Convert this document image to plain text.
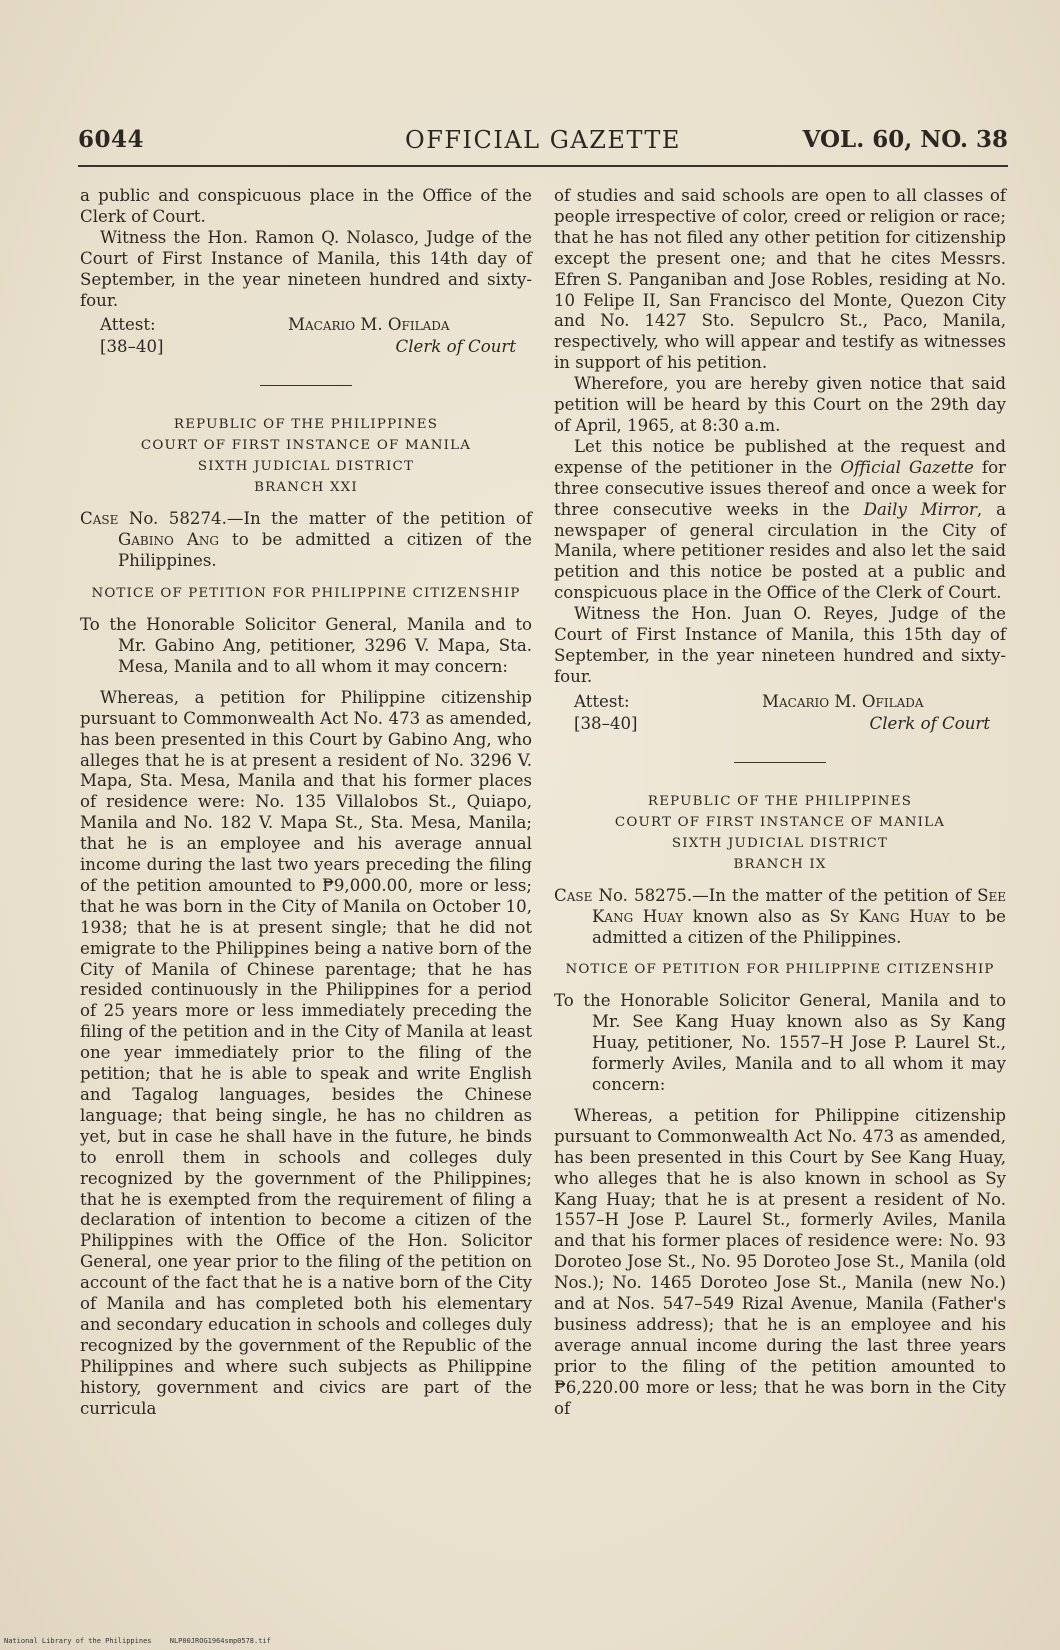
OFFICIAL GAZETTE
6044	VOL. 60, NO. 38

a public and conspicuous place in the Office of the Clerk of Court.

Witness the Hon. Ramon Q. Nolasco, Judge of the Court of First Instance of Manila, this 14th day of September, in the year nineteen hundred and sixty-four.

Attest:
[38–40]
Macario M. Ofilada
Clerk of Court
REPUBLIC OF THE PHILIPPINES
COURT OF FIRST INSTANCE OF MANILA
SIXTH JUDICIAL DISTRICT
BRANCH XXI

Case No. 58274.—In the matter of the petition of Gabino Ang to be admitted a citizen of the Philippines.

NOTICE OF PETITION FOR PHILIPPINE CITIZENSHIP

To the Honorable Solicitor General, Manila and to Mr. Gabino Ang, petitioner, 3296 V. Mapa, Sta. Mesa, Manila and to all whom it may concern:

Whereas, a petition for Philippine citizenship pursuant to Commonwealth Act No. 473 as amended, has been presented in this Court by Gabino Ang, who alleges that he is at present a resident of No. 3296 V. Mapa, Sta. Mesa, Manila and that his former places of residence were: No. 135 Villalobos St., Quiapo, Manila and No. 182 V. Mapa St., Sta. Mesa, Manila; that he is an employee and his average annual income during the last two years preceding the filing of the petition amounted to ₱9,000.00, more or less; that he was born in the City of Manila on October 10, 1938; that he is at present single; that he did not emigrate to the Philippines being a native born of the City of Manila of Chinese parentage; that he has resided continuously in the Philippines for a period of 25 years more or less immediately preceding the filing of the petition and in the City of Manila at least one year immediately prior to the filing of the petition; that he is able to speak and write English and Tagalog languages, besides the Chinese language; that being single, he has no children as yet, but in case he shall have in the future, he binds to enroll them in schools and colleges duly recognized by the government of the Philippines; that he is exempted from the requirement of filing a declaration of intention to become a citizen of the Philippines with the Office of the Hon. Solicitor General, one year prior to the filing of the petition on account of the fact that he is a native born of the City of Manila and has completed both his elementary and secondary education in schools and colleges duly recognized by the government of the Republic of the Philippines and where such subjects as Philippine history, government and civics are part of the curricula

of studies and said schools are open to all classes of people irrespective of color, creed or religion or race; that he has not filed any other petition for citizenship except the present one; and that he cites Messrs. Efren S. Panganiban and Jose Robles, residing at No. 10 Felipe II, San Francisco del Monte, Quezon City and No. 1427 Sto. Sepulcro St., Paco, Manila, respectively, who will appear and testify as witnesses in support of his petition.

Wherefore, you are hereby given notice that said petition will be heard by this Court on the 29th day of April, 1965, at 8:30 a.m.

Let this notice be published at the request and expense of the petitioner in the Official Gazette for three consecutive issues thereof and once a week for three consecutive weeks in the Daily Mirror, a newspaper of general circulation in the City of Manila, where petitioner resides and also let the said petition and this notice be posted at a public and conspicuous place in the Office of the Clerk of Court.

Witness the Hon. Juan O. Reyes, Judge of the Court of First Instance of Manila, this 15th day of September, in the year nineteen hundred and sixty-four.

Attest:
[38–40]
Macario M. Ofilada
Clerk of Court
REPUBLIC OF THE PHILIPPINES
COURT OF FIRST INSTANCE OF MANILA
SIXTH JUDICIAL DISTRICT
BRANCH IX

Case No. 58275.—In the matter of the petition of See Kang Huay known also as Sy Kang Huay to be admitted a citizen of the Philippines.

NOTICE OF PETITION FOR PHILIPPINE CITIZENSHIP

To the Honorable Solicitor General, Manila and to Mr. See Kang Huay known also as Sy Kang Huay, petitioner, No. 1557–H Jose P. Laurel St., formerly Aviles, Manila and to all whom it may concern:

Whereas, a petition for Philippine citizenship pursuant to Commonwealth Act No. 473 as amended, has been presented in this Court by See Kang Huay, who alleges that he is also known in school as Sy Kang Huay; that he is at present a resident of No. 1557–H Jose P. Laurel St., formerly Aviles, Manila and that his former places of residence were: No. 93 Doroteo Jose St., No. 95 Doroteo Jose St., Manila (old Nos.); No. 1465 Doroteo Jose St., Manila (new No.) and at Nos. 547–549 Rizal Avenue, Manila (Father's business address); that he is an employee and his average annual income during the last three years prior to the filing of the petition amounted to ₱6,220.00 more or less; that he was born in the City of

National Library of the Philippines	NLP00JROG1964smp0578.tif
